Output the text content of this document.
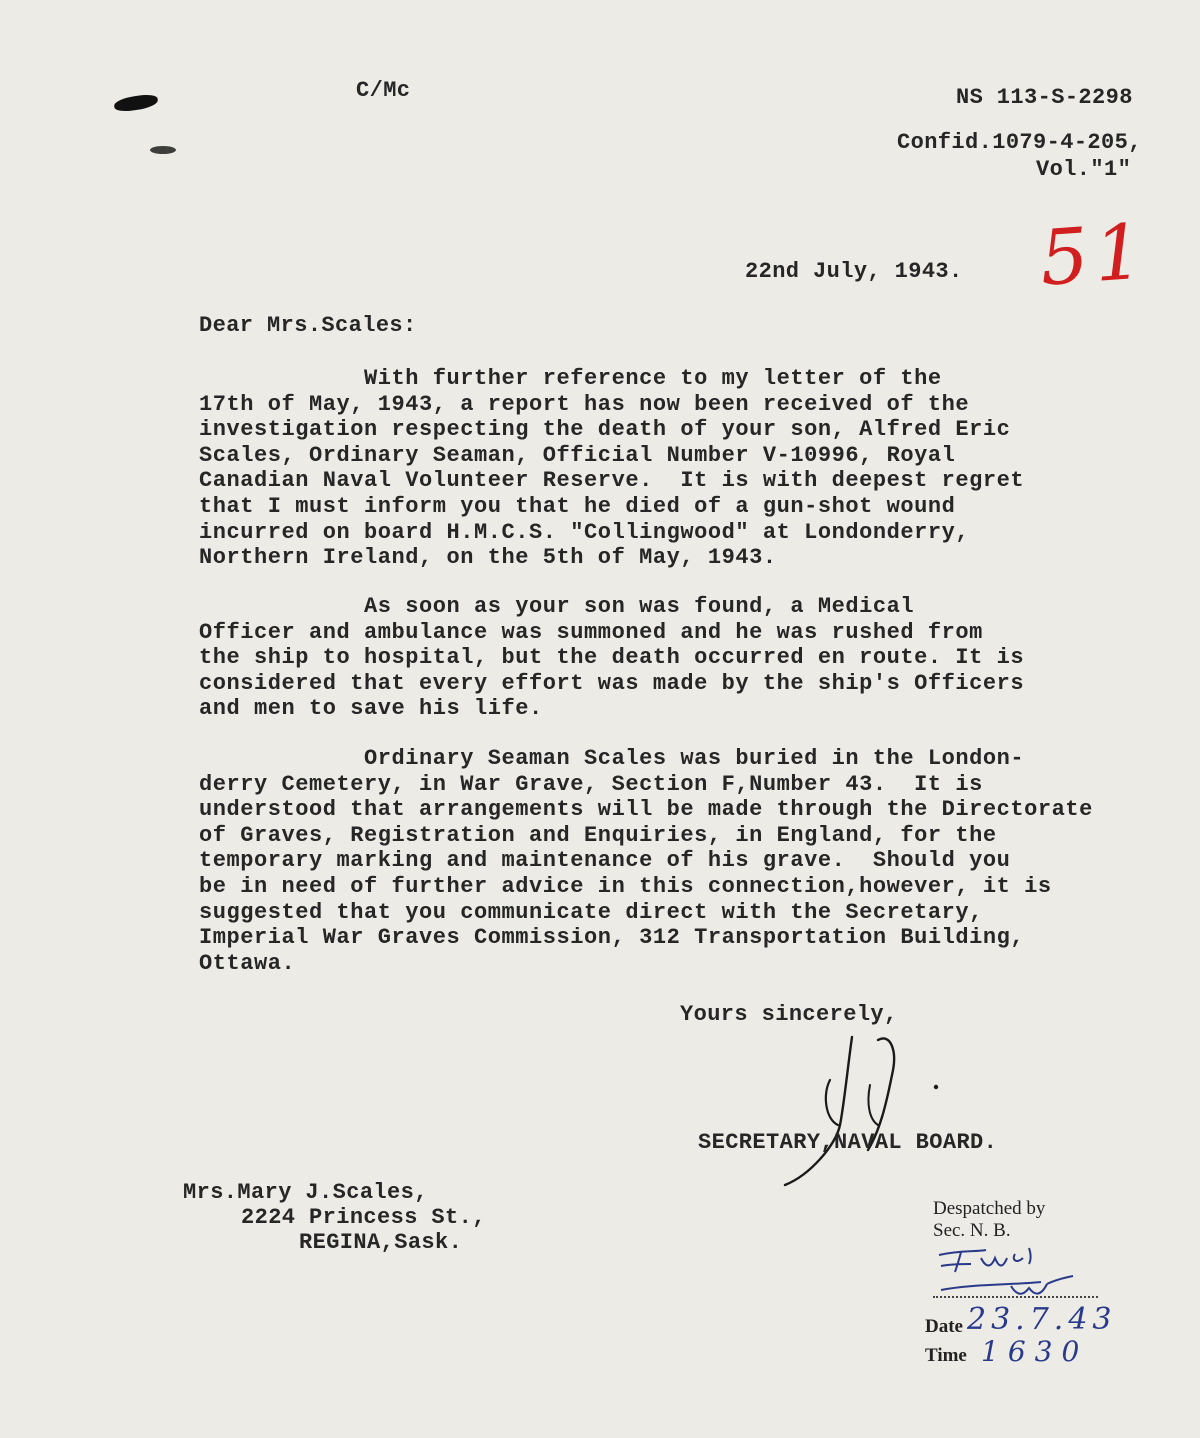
C/Mc	NS 113-S-2298
Confid.1079-4-205,
Vol."1"
51
22nd July, 1943.
Dear Mrs.Scales:
With further reference to my letter of the
17th of May, 1943, a report has now been received of the
investigation respecting the death of your son, Alfred Eric
Scales, Ordinary Seaman, Official Number V-10996, Royal
Canadian Naval Volunteer Reserve.  It is with deepest regret
that I must inform you that he died of a gun-shot wound
incurred on board H.M.C.S. "Collingwood" at Londonderry,
Northern Ireland, on the 5th of May, 1943.
As soon as your son was found, a Medical
Officer and ambulance was summoned and he was rushed from
the ship to hospital, but the death occurred en route. It is
considered that every effort was made by the ship's Officers
and men to save his life.
Ordinary Seaman Scales was buried in the London-
derry Cemetery, in War Grave, Section F,Number 43.  It is
understood that arrangements will be made through the Directorate
of Graves, Registration and Enquiries, in England, for the
temporary marking and maintenance of his grave.  Should you
be in need of further advice in this connection,however, it is
suggested that you communicate direct with the Secretary,
Imperial War Graves Commission, 312 Transportation Building,
Ottawa.
Yours sincerely,
SECRETARY,NAVAL BOARD.
Mrs.Mary J.Scales,
2224 Princess St.,
REGINA,Sask.
Despatched by
Sec. N. B.
Date 23.7.43
Time 1630
